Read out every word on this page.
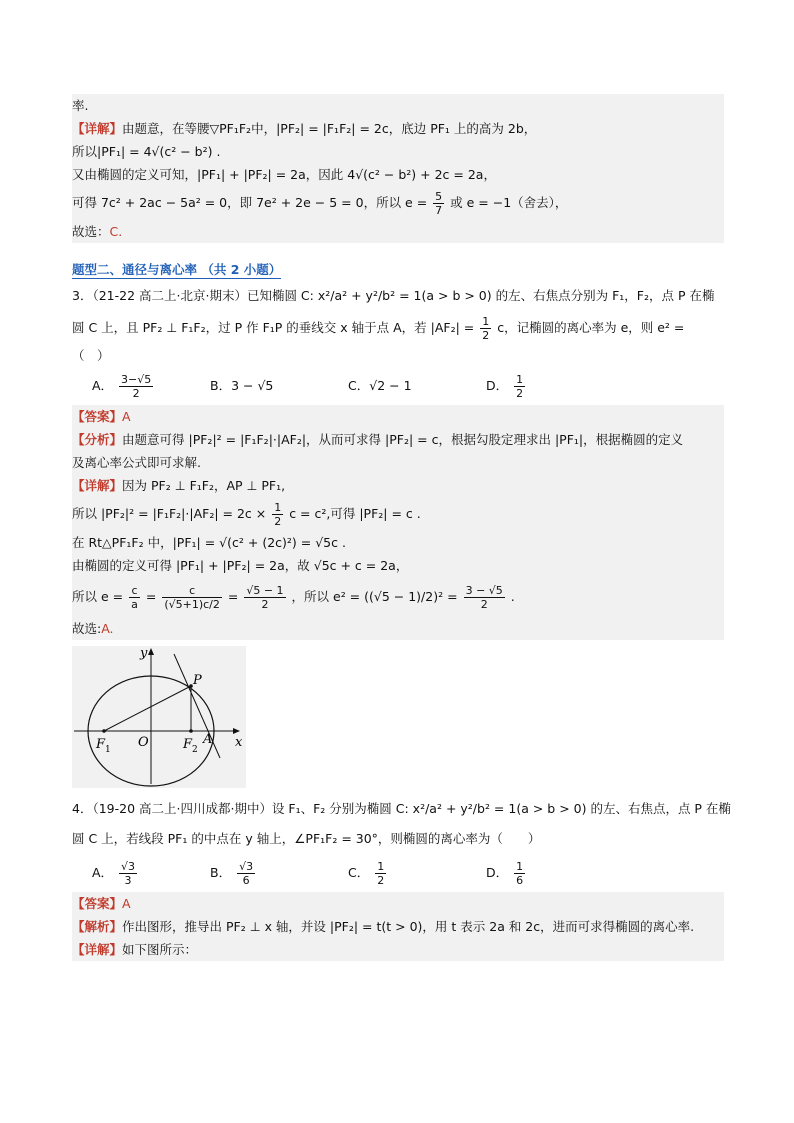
率.
【详解】由题意，在等腰▽PF₁F₂中，|PF₂| = |F₁F₂| = 2c，底边 PF₁ 上的高为 2b，
所以|PF₁| = 4√(c² − b²) .
又由椭圆的定义可知，|PF₁| + |PF₂| = 2a，因此 4√(c² − b²) + 2c = 2a，
可得 7c² + 2ac − 5a² = 0，即 7e² + 2e − 5 = 0，所以 $e = \frac{5}{7}$ 或 e = −1（舍去），
故选：C.
题型二、通径与离心率 （共 2 小题）
3．（21-22 高二上·北京·期末）已知椭圆 C: x²/a² + y²/b² = 1(a > b > 0) 的左、右焦点分别为 F₁，F₂，点 P 在椭
圆 C 上，且 PF₂ ⊥ F₁F₂，过 P 作 F₁P 的垂线交 x 轴于点 A，若 $|AF_2| = \frac{1}{2}$ c，记椭圆的离心率为 e，则 e² =
（　）
A． $\frac{3-√5}{2}$	B．3 − √5	C．√2 − 1	D． $\frac{1}{2}$
【答案】A
【分析】由题意可得 |PF₂|² = |F₁F₂|·|AF₂|，从而可求得 |PF₂| = c，根据勾股定理求出 |PF₁|，根据椭圆的定义
及离心率公式即可求解.
【详解】因为 PF₂ ⊥ F₁F₂，AP ⊥ PF₁,
所以 $|PF_2|^2 = |F_1F_2|\cdot|AF_2| = 2c \times \frac{1}{2}$ c = c²,可得 |PF₂| = c .
在 Rt△PF₁F₂ 中，|PF₁| = √(c² + (2c)²) = √5c .
由椭圆的定义可得 |PF₁| + |PF₂| = 2a，故 √5c + c = 2a，
所以 $e = \frac{c}{a} = \frac{c}{(√5+1)c/2} = \frac{√5 - 1}{2}$ ，所以 $e^2 = ((√5 - 1)/2)^2 = \frac{3 - √5}{2}$ .
故选:A.
y
x
P
O
F 1	F 2
A
4．（19-20 高二上·四川成都·期中）设 F₁、F₂ 分别为椭圆 C: x²/a² + y²/b² = 1(a > b > 0) 的左、右焦点，点 P 在椭
圆 C 上，若线段 PF₁ 的中点在 y 轴上，∠PF₁F₂ = 30°，则椭圆的离心率为（　　）
A． $\frac{√3}{3}$	B． $\frac{√3}{6}$	C． $\frac{1}{2}$	D． $\frac{1}{6}$
【答案】A
【解析】作出图形，推导出 PF₂ ⊥ x 轴，并设 |PF₂| = t(t > 0)，用 t 表示 2a 和 2c，进而可求得椭圆的离心率.
【详解】如下图所示：
